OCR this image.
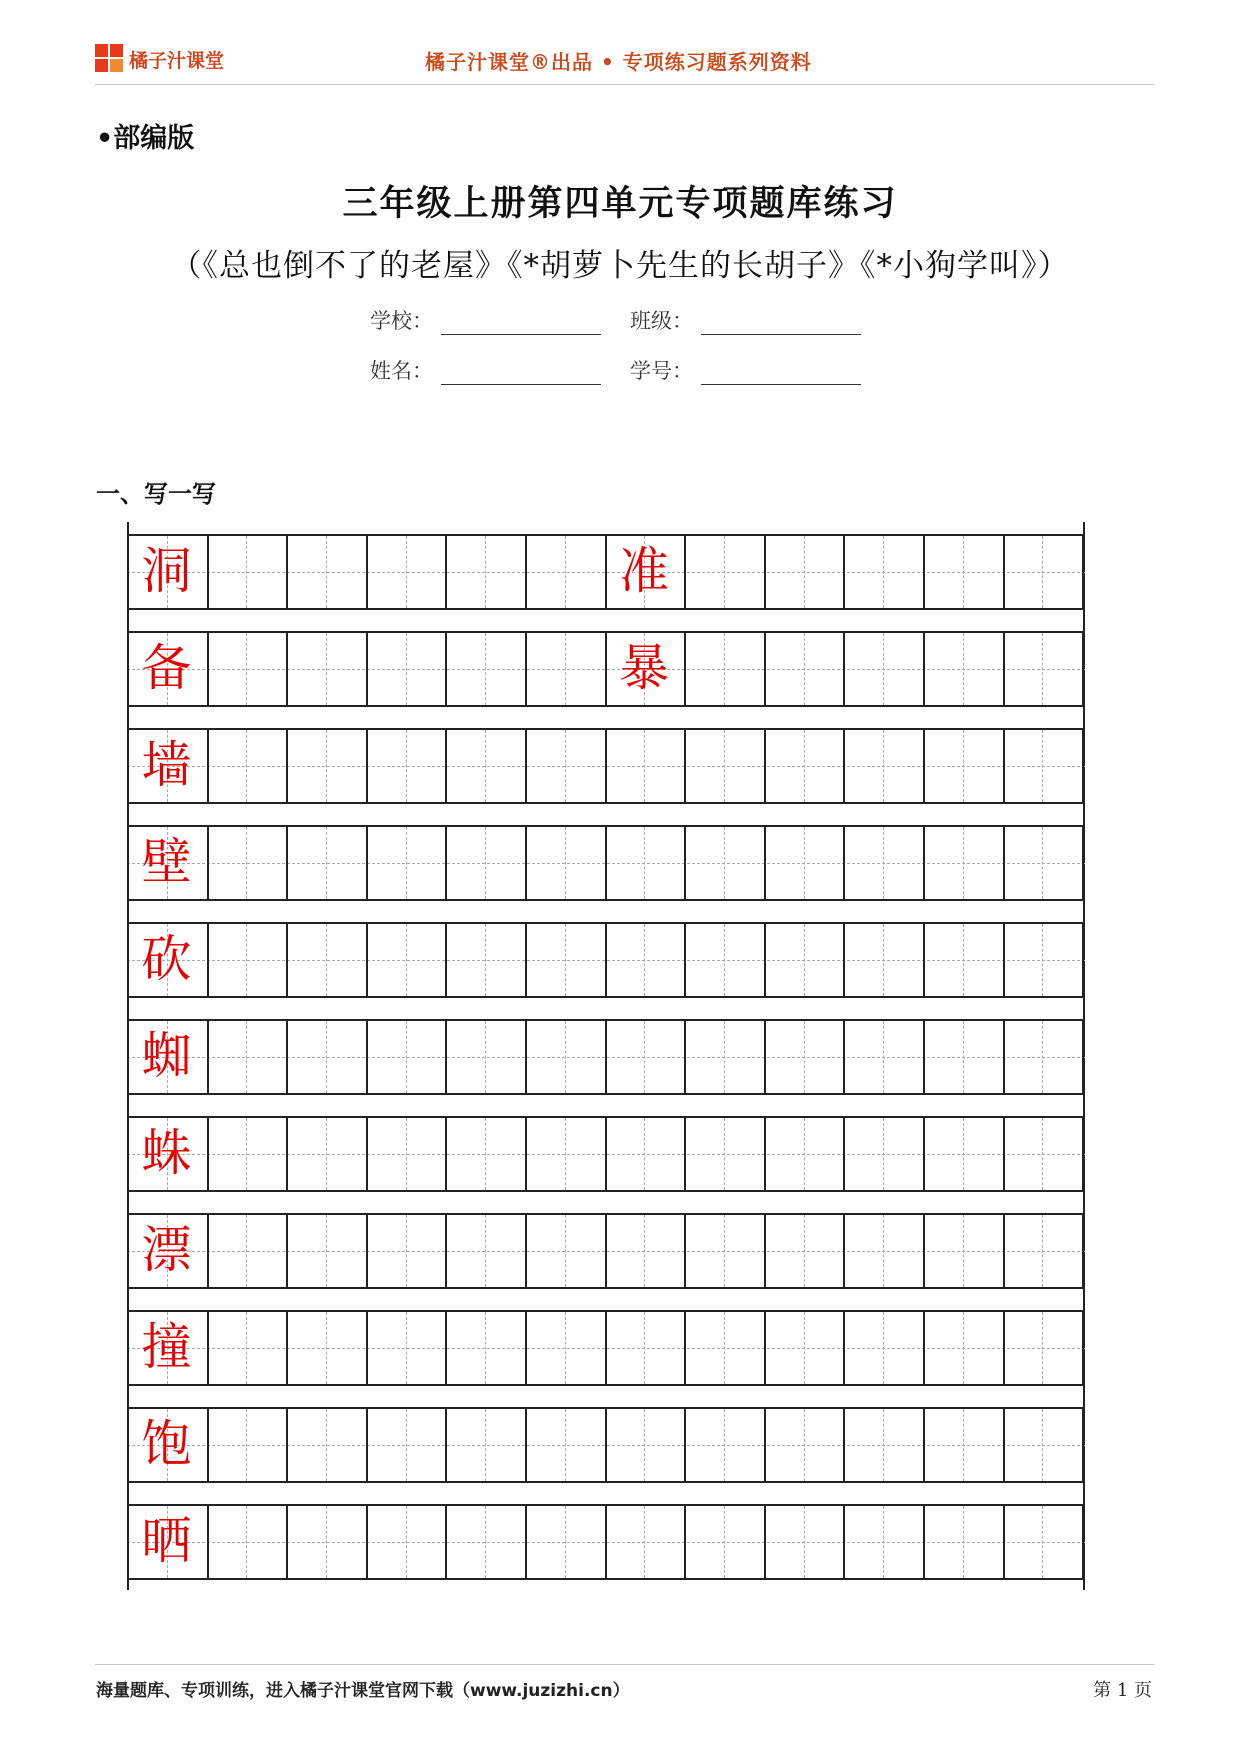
橘子汁课堂	橘子汁课堂®出品 • 专项练习题系列资料
•部编版
三年级上册第四单元专项题库练习
（《总也倒不了的老屋》《*胡萝卜先生的长胡子》《*小狗学叫》）
学校：	班级：
姓名：	学号：
一、写一写
洞	准
备	暴
墙
壁
砍
蜘
蛛
漂
撞
饱
晒
海量题库、专项训练，进入橘子汁课堂官网下载（www.juzizhi.cn）	第 1 页
